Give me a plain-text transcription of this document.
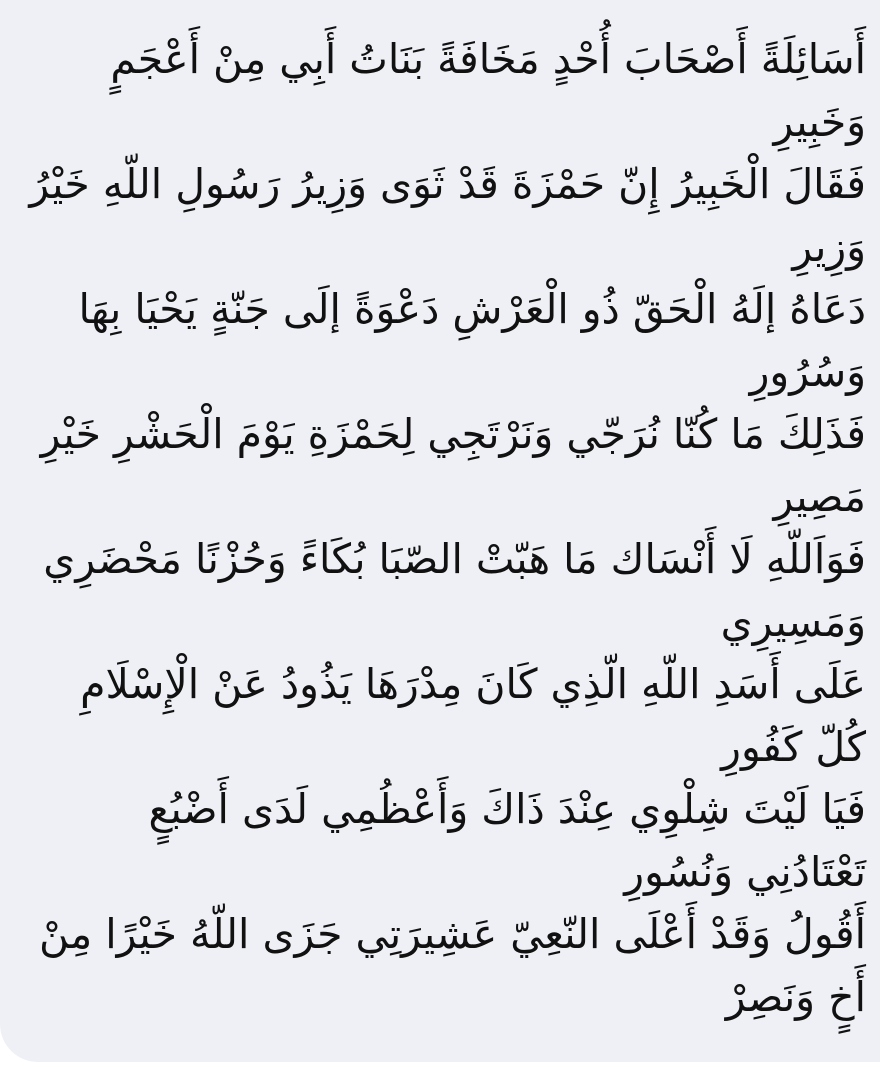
أَسَائِلَةً أَصْحَابَ أُحْدٍ مَخَافَةً بَنَاتُ أَبِي مِنْ أَعْجَمٍ وَخَبِيرِ
فَقَالَ الْخَبِيرُ إِنّ حَمْزَةَ قَدْ ثَوَى وَزِيرُ رَسُولِ اللّهِ خَيْرُ وَزِيرِ
دَعَاهُ إلَهُ الْحَقّ ذُو الْعَرْشِ دَعْوَةً إلَى جَنّةٍ يَحْيَا بِهَا وَسُرُورِ
فَذَلِكَ مَا كُنّا نُرَجّي وَنَرْتَجِي لِحَمْزَةِ يَوْمَ الْحَشْرِ خَيْرِ مَصِيرِ
فَوَاَللّهِ لَا أَنْسَاك مَا هَبّتْ الصّبَا بُكَاءً وَحُزْنًا مَحْضَرِي وَمَسِيرِي
عَلَى أَسَدِ اللّهِ الّذِي كَانَ مِدْرَهَا يَذُودُ عَنْ الْإِسْلَامِ كُلّ كَفُورِ
فَيَا لَيْتَ شِلْوِي عِنْدَ ذَاكَ وَأَعْظُمِي لَدَى أَضْبُعٍ تَعْتَادُنِي وَنُسُورِ
أَقُولُ وَقَدْ أَعْلَى النّعِيّ عَشِيرَتِي جَزَى اللّهُ خَيْرًا مِنْ أَخٍ وَنَصِرْ
